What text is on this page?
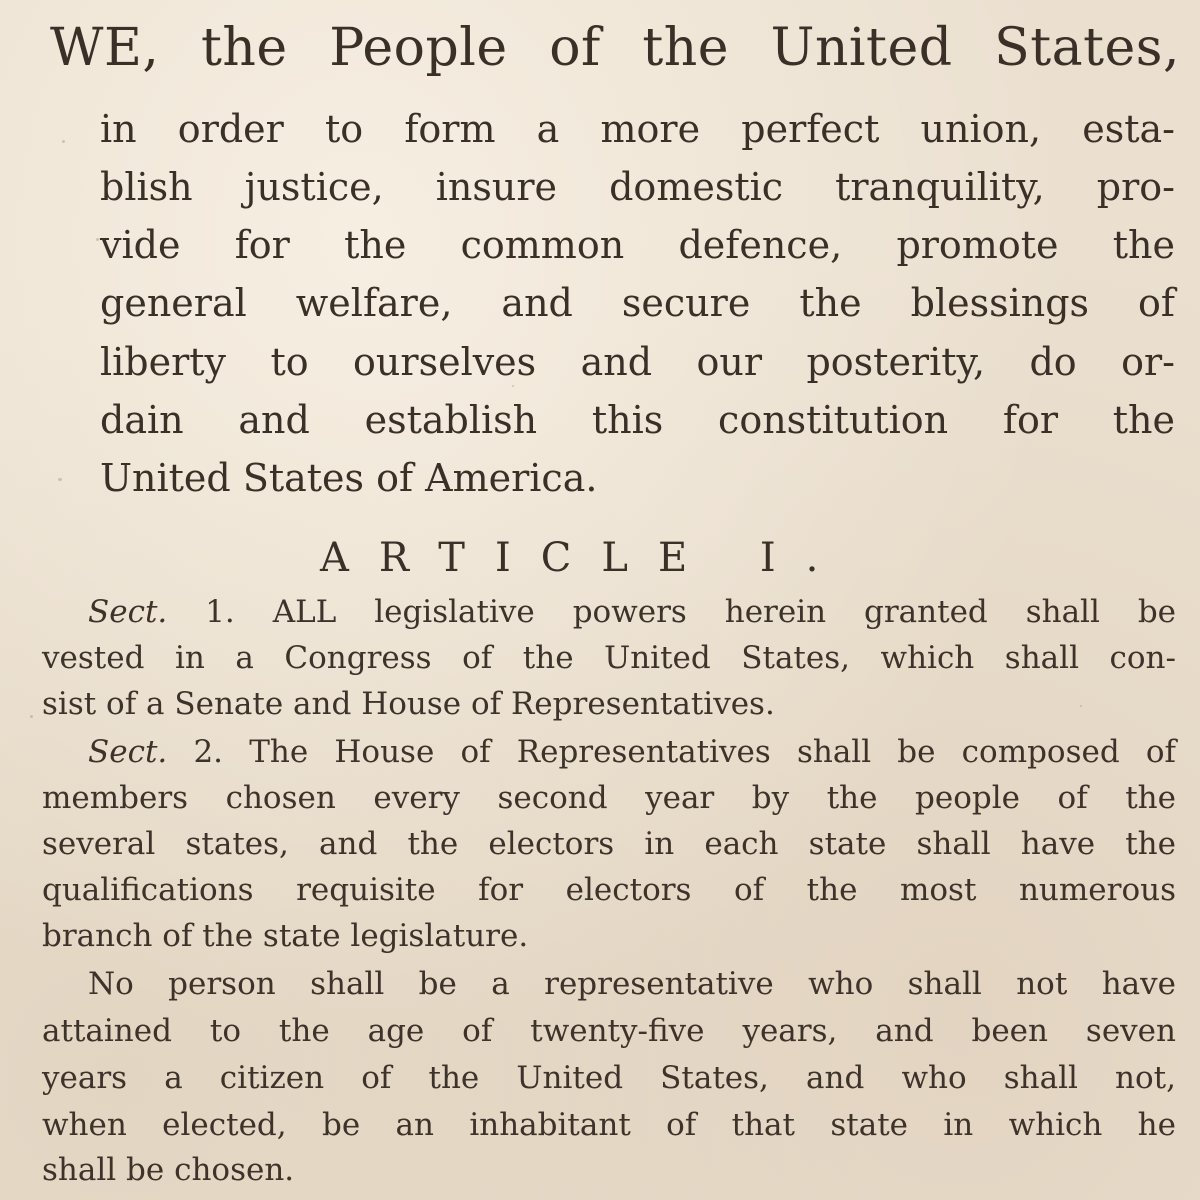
WE, the People of the United States,
in order to form a more perfect union, esta-
blish justice, insure domestic tranquility, pro-
vide for the common defence, promote the
general welfare, and secure the blessings of
liberty to ourselves and our posterity, do or-
dain and establish this constitution for the
United States of America.
ARTICLE I.
Sect. 1. ALL legislative powers herein granted shall be
vested in a Congress of the United States, which shall con-
sist of a Senate and House of Representatives.
Sect. 2. The House of Representatives shall be composed of
members chosen every second year by the people of the
several states, and the electors in each state shall have the
qualifications requisite for electors of the most numerous
branch of the state legislature.
No person shall be a representative who shall not have
attained to the age of twenty-five years, and been seven
years a citizen of the United States, and who shall not,
when elected, be an inhabitant of that state in which he
shall be chosen.
